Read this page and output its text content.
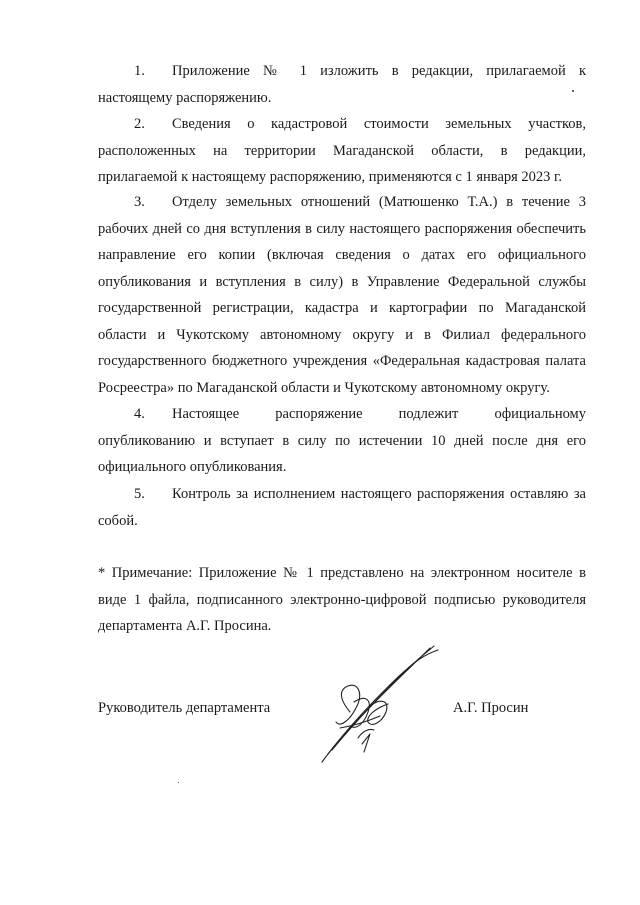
1. Приложение № 1 изложить в редакции, прилагаемой к настоящему распоряжению.
2. Сведения о кадастровой стоимости земельных участков, расположенных на территории Магаданской области, в редакции, прилагаемой к настоящему распоряжению, применяются с 1 января 2023 г.
3. Отделу земельных отношений (Матюшенко Т.А.) в течение 3 рабочих дней со дня вступления в силу настоящего распоряжения обеспечить направление его копии (включая сведения о датах его официального опубликования и вступления в силу) в Управление Федеральной службы государственной регистрации, кадастра и картографии по Магаданской области и Чукотскому автономному округу и в Филиал федерального государственного бюджетного учреждения «Федеральная кадастровая палата Росреестра» по Магаданской области и Чукотскому автономному округу.
4. Настоящее распоряжение подлежит официальному опубликованию и вступает в силу по истечении 10 дней после дня его официального опубликования.
5. Контроль за исполнением настоящего распоряжения оставляю за собой.
* Примечание: Приложение № 1 представлено на электронном носителе в виде 1 файла, подписанного электронно-цифровой подписью руководителя департамента А.Г. Просина.
Руководитель департамента	А.Г. Просин
